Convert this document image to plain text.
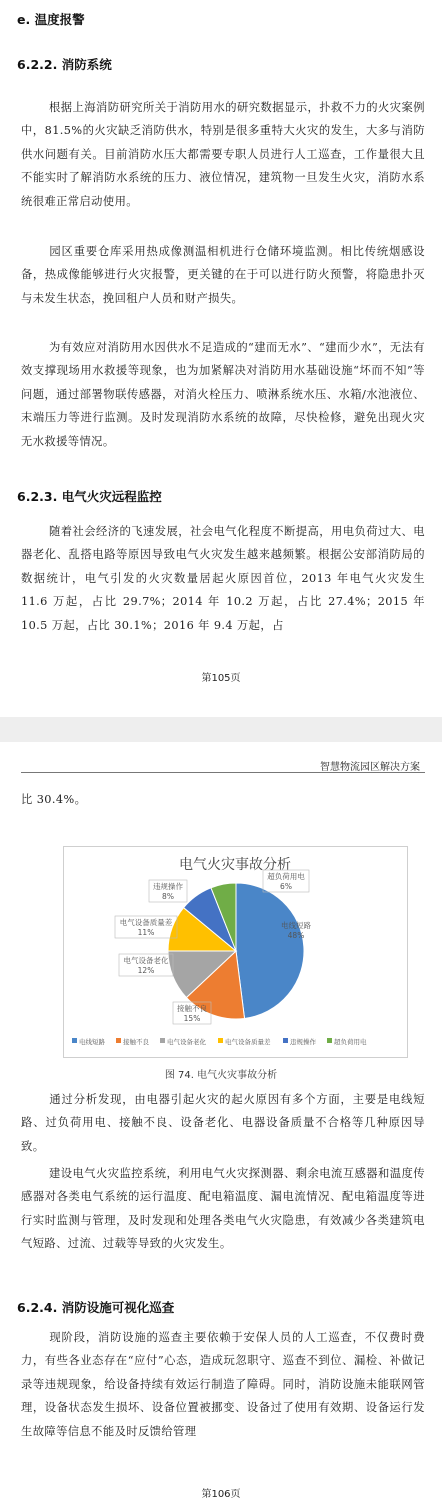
e. 温度报警
6.2.2. 消防系统

根据上海消防研究所关于消防用水的研究数据显示，扑救不力的火灾案例中，81.5%的火灾缺乏消防供水，特别是很多重特大火灾的发生，大多与消防供水问题有关。目前消防水压大都需要专职人员进行人工巡查，工作量很大且不能实时了解消防水系统的压力、液位情况，建筑物一旦发生火灾，消防水系统很难正常启动使用。

园区重要仓库采用热成像测温相机进行仓储环境监测。相比传统烟感设备，热成像能够进行火灾报警，更关键的在于可以进行防火预警，将隐患扑灭与未发生状态，挽回租户人员和财产损失。

为有效应对消防用水因供水不足造成的“建而无水”、“建而少水”，无法有效支撑现场用水救援等现象，也为加紧解决对消防用水基础设施“坏而不知”等问题，通过部署物联传感器，对消火栓压力、喷淋系统水压、水箱/水池液位、末端压力等进行监测。及时发现消防水系统的故障，尽快检修，避免出现火灾无水救援等情况。

6.2.3. 电气火灾远程监控

随着社会经济的飞速发展，社会电气化程度不断提高，用电负荷过大、电器老化、乱搭电路等原因导致电气火灾发生越来越频繁。根据公安部消防局的数据统计，电气引发的火灾数量居起火原因首位，2013 年电气火灾发生 11.6 万起，占比 29.7%；2014 年 10.2 万起，占比 27.4%；2015 年 10.5 万起，占比 30.1%；2016 年 9.4 万起，占

第105页
智慧物流园区解决方案

比 30.4%。

电气火灾事故分析
电线短路
48%
接触不良
15%
电气设备老化
12%
电气设备质量差
11%
违规操作
8%
超负荷用电
6%
电线短路	接触不良	电气设备老化	电气设备质量差	违规操作	超负荷用电
图 74. 电气火灾事故分析

通过分析发现，由电器引起火灾的起火原因有多个方面，主要是电线短路、过负荷用电、接触不良、设备老化、电器设备质量不合格等几种原因导致。

建设电气火灾监控系统，利用电气火灾探测器、剩余电流互感器和温度传感器对各类电气系统的运行温度、配电箱温度、漏电流情况、配电箱温度等进行实时监测与管理，及时发现和处理各类电气火灾隐患，有效减少各类建筑电气短路、过流、过载等导致的火灾发生。

6.2.4. 消防设施可视化巡查

现阶段，消防设施的巡查主要依赖于安保人员的人工巡查，不仅费时费力，有些各业态存在“应付”心态，造成玩忽职守、巡查不到位、漏检、补做记录等违规现象，给设备持续有效运行制造了障碍。同时，消防设施未能联网管理，设备状态发生损坏、设备位置被挪变、设备过了使用有效期、设备运行发生故障等信息不能及时反馈给管理

第106页
